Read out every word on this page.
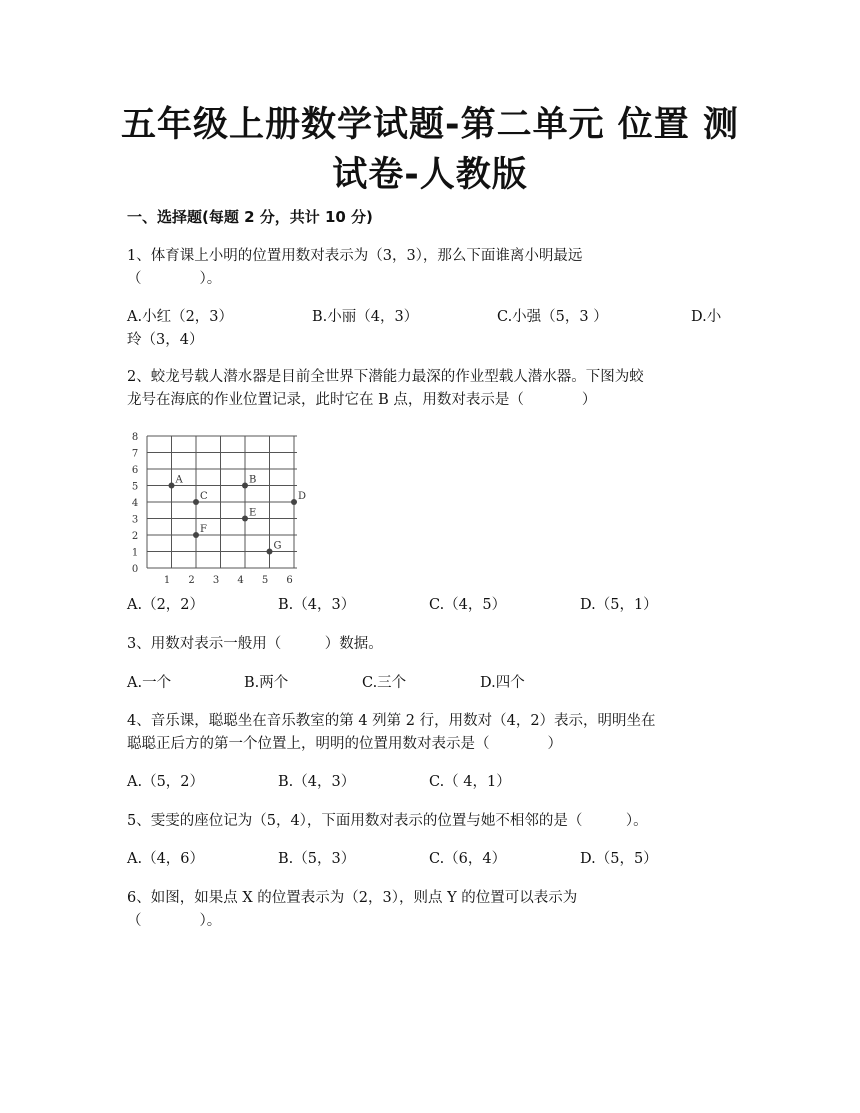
五年级上册数学试题-第二单元 位置 测
试卷-人教版
一、选择题(每题 2 分，共计 10 分)
1、体育课上小明的位置用数对表示为（3，3），那么下面谁离小明最远
（　　　　）。
A.小红（2，3）	B.小丽（4，3）	C.小强（5，3 ）	D.小
玲（3，4）
2、蛟龙号载人潜水器是目前全世界下潜能力最深的作业型载人潜水器。下图为蛟
龙号在海底的作业位置记录，此时它在 B 点，用数对表示是（　　　　）
0
1
2
3
4
5
6
7
8
1 2 3 4 5 6
A	B
C	D
E
F
G
A.（2，2）	B.（4，3）	C.（4，5）	D.（5，1）
3、用数对表示一般用（　　　）数据。
A.一个	B.两个	C.三个	D.四个
4、音乐课，聪聪坐在音乐教室的第 4 列第 2 行，用数对（4，2）表示，明明坐在
聪聪正后方的第一个位置上，明明的位置用数对表示是（　　　　）
A.（5，2）	B.（4，3）	C.（ 4，1）
5、雯雯的座位记为（5，4），下面用数对表示的位置与她不相邻的是（　　　）。
A.（4，6）	B.（5，3）	C.（6，4）	D.（5，5）
6、如图，如果点 X 的位置表示为（2，3），则点 Y 的位置可以表示为
（　　　　）。
